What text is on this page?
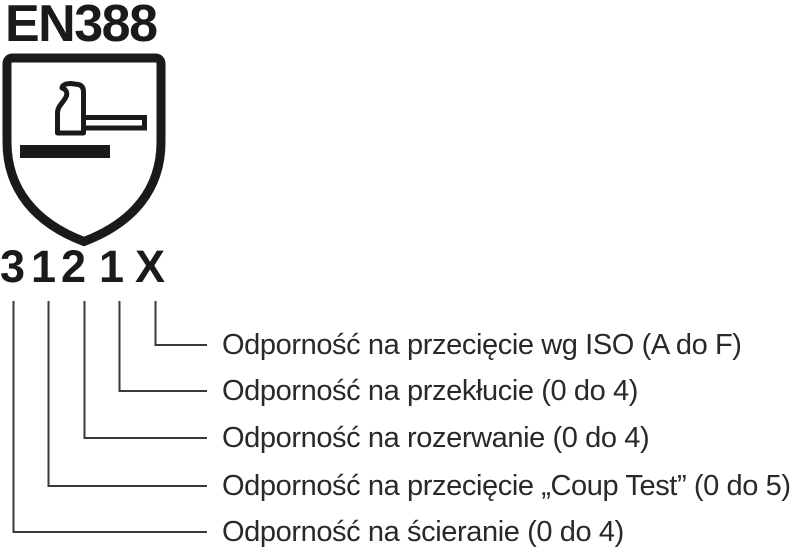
EN388
3 1 2 1 X
Odporność na przecięcie wg ISO (A do F)
Odporność na przekłucie (0 do 4)
Odporność na rozerwanie (0 do 4)
Odporność na przecięcie „Coup Test” (0 do 5)
Odporność na ścieranie (0 do 4)
